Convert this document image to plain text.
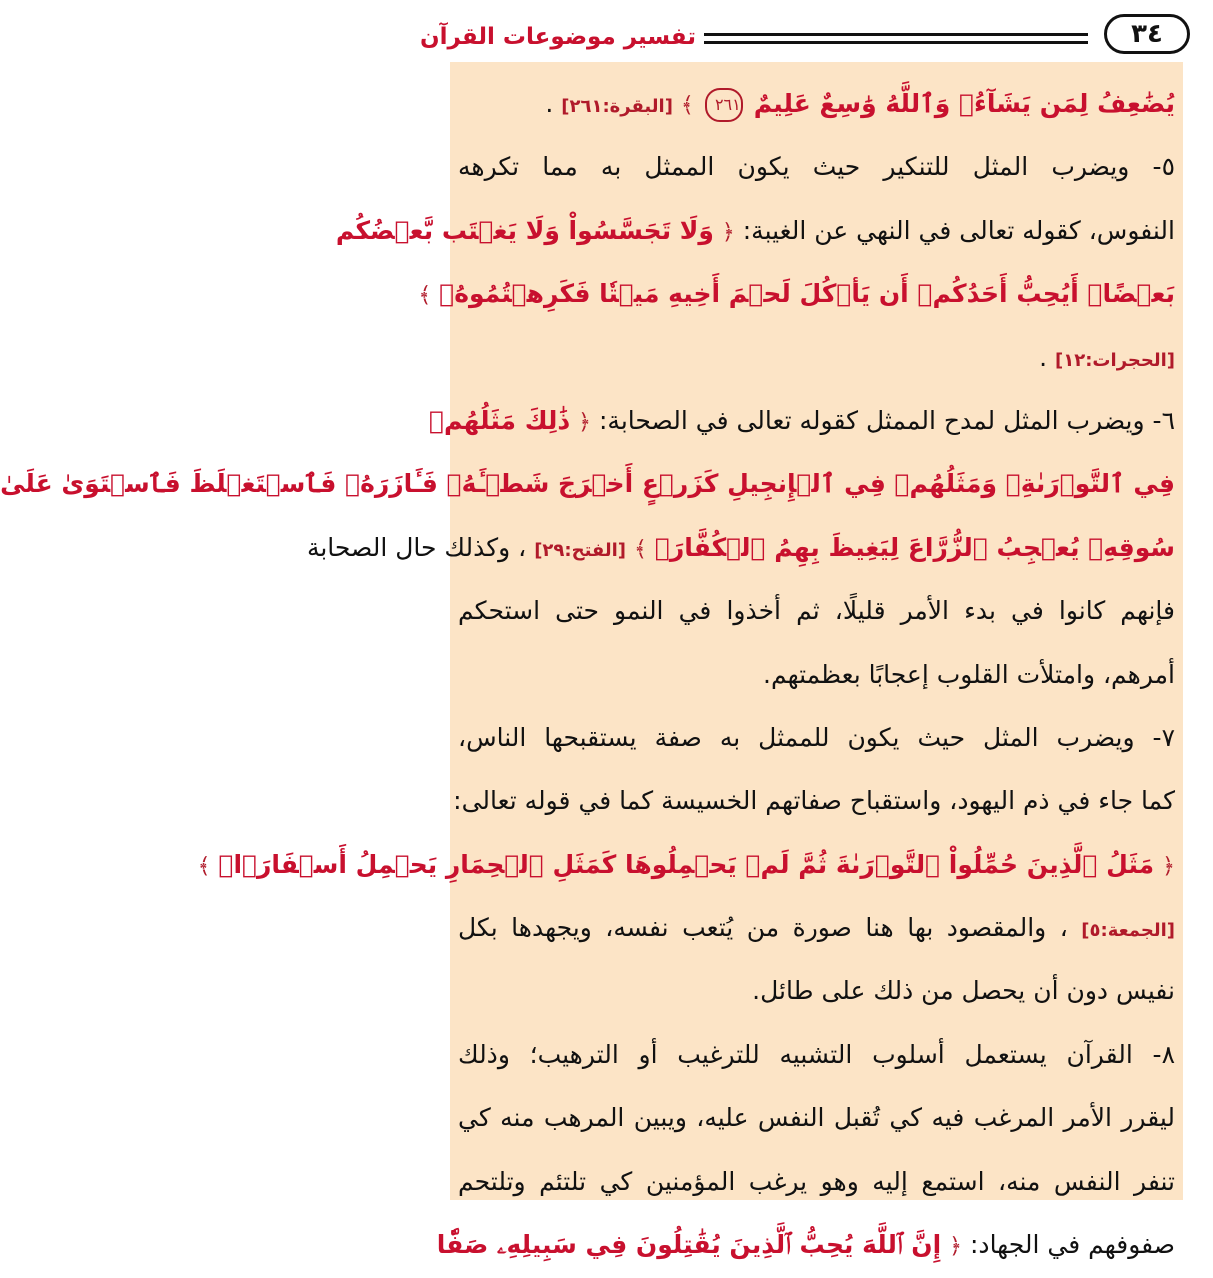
٣٤
تفسير موضوعات القرآن
يُضَٰعِفُ لِمَن يَشَآءُۗ وَٱللَّهُ وَٰسِعٌ عَلِيمٌ ٢٦١ ﴾ [البقرة:٢٦١] .
٥- ويضرب المثل للتنكير حيث يكون الممثل به مما تكرهه
النفوس، كقوله تعالى في النهي عن الغيبة: ﴿ وَلَا تَجَسَّسُواْ وَلَا يَغۡتَب بَّعۡضُكُم
بَعۡضًاۚ أَيُحِبُّ أَحَدُكُمۡ أَن يَأۡكُلَ لَحۡمَ أَخِيهِ مَيۡتٗا فَكَرِهۡتُمُوهُۚ ﴾
[الحجرات:١٢] .
٦- ويضرب المثل لمدح الممثل كقوله تعالى في الصحابة: ﴿ ذَٰلِكَ مَثَلُهُمۡ
فِي ٱلتَّوۡرَىٰةِۚ وَمَثَلُهُمۡ فِي ٱلۡإِنجِيلِ كَزَرۡعٍ أَخۡرَجَ شَطۡـَٔهُۥ فَـَٔازَرَهُۥ فَٱسۡتَغۡلَظَ فَٱسۡتَوَىٰ عَلَىٰ
سُوقِهِۦ يُعۡجِبُ ٱلزُّرَّاعَ لِيَغِيظَ بِهِمُ ٱلۡكُفَّارَۗ ﴾ [الفتح:٢٩] ، وكذلك حال الصحابة
فإنهم كانوا في بدء الأمر قليلًا، ثم أخذوا في النمو حتى استحكم
أمرهم، وامتلأت القلوب إعجابًا بعظمتهم.
٧- ويضرب المثل حيث يكون للممثل به صفة يستقبحها الناس،
كما جاء في ذم اليهود، واستقباح صفاتهم الخسيسة كما في قوله تعالى:
﴿ مَثَلُ ٱلَّذِينَ حُمِّلُواْ ٱلتَّوۡرَىٰةَ ثُمَّ لَمۡ يَحۡمِلُوهَا كَمَثَلِ ٱلۡحِمَارِ يَحۡمِلُ أَسۡفَارَۢاۚ ﴾
[الجمعة:٥] ، والمقصود بها هنا صورة من يُتعب نفسه، ويجهدها بكل
نفيس دون أن يحصل من ذلك على طائل.
٨- القرآن يستعمل أسلوب التشبيه للترغيب أو الترهيب؛ وذلك
ليقرر الأمر المرغب فيه كي تُقبل النفس عليه، ويبين المرهب منه كي
تنفر النفس منه، استمع إليه وهو يرغب المؤمنين كي تلتئم وتلتحم
صفوفهم في الجهاد: ﴿ إِنَّ ٱللَّهَ يُحِبُّ ٱلَّذِينَ يُقَٰتِلُونَ فِي سَبِيلِهِۦ صَفّٗا
